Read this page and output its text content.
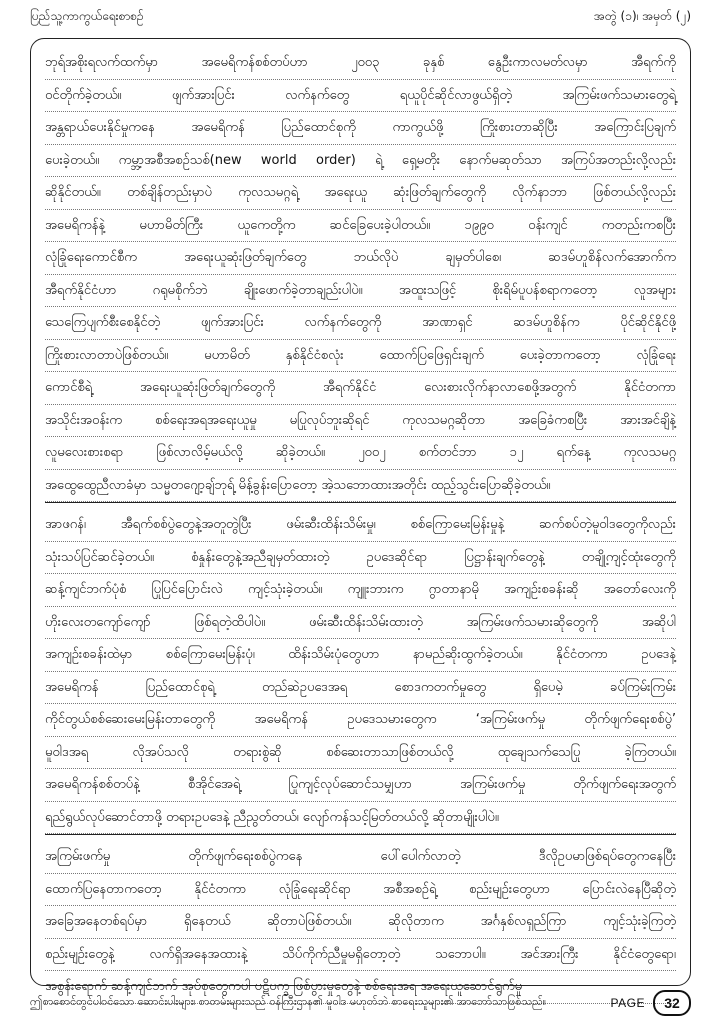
ပြည်သူ့ကာကွယ်ရေးစာစဥ်	အတွဲ (၁)၊ အမှတ် (၂)
ဘုရ်အစိုးရလက်ထက်မှာ အမေရိကန်စစ်တပ်ဟာ ၂၀၀၃ ခုနှစ် နွေဦးကာလမတ်လမှာ အီရက်ကို
ဝင်တိုက်ခဲ့တယ်။ ဖျက်အားပြင်း လက်နက်တွေ ရယူပိုင်ဆိုင်လာဖွယ်ရှိတဲ့ အကြမ်းဖက်သမားတွေရဲ့
အန္တရာယ်ပေးနိုင်မှုကနေ အမေရိကန် ပြည်ထောင်စုကို ကာကွယ်ဖို့ ကြိုးစားတာဆိုပြီး အကြောင်းပြချက်
ပေးခဲ့တယ်။ ကမ္ဘာ့အစီအစဥ်သစ်(new world order) ရဲ့ ရှေ့မတိုး နောက်မဆုတ်သာ အကြပ်အတည်းလို့လည်း
ဆိုနိုင်တယ်။ တစ်ချိန်တည်းမှာပဲ ကုလသမဂ္ဂရဲ့ အရေးယူ ဆုံးဖြတ်ချက်တွေကို လိုက်နာဘာ ဖြစ်တယ်လို့လည်း
အမေရိကန်နဲ့ မဟာမိတ်ကြီး ယူကေတို့က ဆင်ခြေပေးခဲ့ပါတယ်။ ၁၉၉၀ ဝန်းကျင် ကတည်းကစပြီး
လုံခြုံရေးကောင်စီက အရေးယူဆုံးဖြတ်ချက်တွေ ဘယ်လိုပဲ ချမှတ်ပါစေ၊ ဆဒမ်ဟူစိန်လက်အောက်က
အီရက်နိုင်ငံဟာ ဂရုမစိုက်ဘဲ ချိုးဖောက်ခဲ့တာချည်းပါပဲ။ အထူးသဖြင့် စိုးရိမ်ပူပန်စရာကတော့ လူအများ
သေကြေပျက်စီးစေနိုင်တဲ့ ဖျက်အားပြင်း လက်နက်တွေကို အာဏာရှင် ဆဒမ်ဟူစိန်က ပိုင်ဆိုင်နိုင်ဖို့
ကြိုးစားလာတာပဲဖြစ်တယ်။ မဟာမိတ် နှစ်နိုင်ငံစလုံး ထောက်ပြဖြေရှင်းချက် ပေးခဲ့တာကတော့ လုံခြုံရေး
ကောင်စီရဲ့ အရေးယူဆုံးဖြတ်ချက်တွေကို အီရက်နိုင်ငံ လေးစားလိုက်နာလာစေဖို့အတွက် နိုင်ငံတကာ
အသိုင်းအဝန်းက စစ်ရေးအရအရေးယူမှု မပြုလုပ်ဘူးဆိုရင် ကုလသမဂ္ဂဆိုတာ အခြေခံကစပြီး အားအင်ချိနဲ့
လူမလေးစားစရာ ဖြစ်လာလိမ့်မယ်လို့ ဆိုခဲ့တယ်။ ၂၀၀၂ စက်တင်ဘာ ၁၂ ရက်နေ့ ကုလသမဂ္ဂ
အထွေထွေညီလာခံမှာ သမ္မတဂျော့ချ်ဘုရ့် မိန့်ခွန်းပြောတော့ အဲ့သဘောထားအတိုင်း ထည့်သွင်းပြောဆိုခဲ့တယ်။
အာဖဂန်၊ အီရက်စစ်ပွဲတွေနဲ့အတူတွဲပြီး ဖမ်းဆီးထိန်းသိမ်းမှု၊ စစ်ကြောမေးမြန်းမှုနဲ့ ဆက်စပ်တဲ့မူဝါဒတွေကိုလည်း
သုံးသပ်ပြင်ဆင်ခဲ့တယ်။ စံနှုန်းတွေနဲ့အညီချမှတ်ထားတဲ့ ဥပဒေဆိုင်ရာ ပြဋ္ဌာန်းချက်တွေနဲ့ တချို့ကျင့်ထုံးတွေကို
ဆန့်ကျင်ဘက်ပုံစံ ပြုပြင်ပြောင်းလဲ ကျင့်သုံးခဲ့တယ်။ ကျူးဘားက ဂွာတာနာမို အကျဥ်းစခန်းဆို အတော်လေးကို
ဟိုးလေးတကျော်ကျော် ဖြစ်ရတဲ့ထိပါပဲ။ ဖမ်းဆီးထိန်းသိမ်းထားတဲ့ အကြမ်းဖက်သမားဆိုတွေကို အဆိုပါ
အကျဥ်းစခန်းထဲမှာ စစ်ကြောမေးမြန်းပုံ၊ ထိန်းသိမ်းပုံတွေဟာ နာမည်ဆိုးထွက်ခဲ့တယ်။ နိုင်ငံတကာ ဥပဒေနဲ့
အမေရိကန် ပြည်ထောင်စုရဲ့ တည်ဆဲဥပဒေအရ စောဒကတက်မှုတွေ ရှိပေမဲ့ ခပ်ကြမ်းကြမ်း
ကိုင်တွယ်စစ်ဆေးမေးမြန်းတာတွေကို အမေရိကန် ဥပဒေသမားတွေက ‘အကြမ်းဖက်မှု တိုက်ဖျက်ရေးစစ်ပွဲ’
မူဝါဒအရ လိုအပ်သလို တရားစွဲဆို စစ်ဆေးတာသာဖြစ်တယ်လို့ ထုချေသက်သေပြု ခဲ့ကြတယ်။
အမေရိကန်စစ်တပ်နဲ့ စီအိုင်အေရဲ့ ပြုကျင့်လုပ်ဆောင်သမျှဟာ အကြမ်းဖက်မှု တိုက်ဖျက်ရေးအတွက်
ရည်ရွယ်လုပ်ဆောင်တာဖို့ တရားဥပဒေနဲ့ ညီညွတ်တယ်၊ လျော်ကန်သင့်မြတ်တယ်လို့ ဆိုတာမျိုးပါပဲ။
အကြမ်းဖက်မှု တိုက်ဖျက်ရေးစစ်ပွဲကနေ ပေါ်ပေါက်လာတဲ့ ဒီလိုဥပမာဖြစ်ရပ်တွေကနေပြီး
ထောက်ပြနေတာကတော့ နိုင်ငံတကာ လုံခြုံရေးဆိုင်ရာ အစီအစဥ်ရဲ့ စည်းမျဥ်းတွေဟာ ပြောင်းလဲနေပြီဆိုတဲ့
အခြေအနေတစ်ရပ်မှာ ရှိနေတယ် ဆိုတာပဲဖြစ်တယ်။ ဆိုလိုတာက အင်္ဂနှစ်လရှည်ကြာ ကျင့်သုံးခဲ့ကြတဲ့
စည်းမျဥ်းတွေနဲ့ လက်ရှိအနေအထားနဲ့ သိပ်ကိုက်ညီမှုမရှိတော့တဲ့ သဘောပါ။ အင်အားကြီး နိုင်ငံတွေရော၊
အစွန်းရောက် ဆန့်ကျင်ဘက် အုပ်စုတွေကပါ ပဋိပက္ခ ဖြစ်ပွားမှုတွေနဲ့ စစ်ရေးအရ အရေးယူဆောင်ရွက်မှု
ဤစာစောင်တွင်ပါဝင်သော ဆောင်းပါးများ၊ စာတမ်းများသည် ဝန်ကြီးဌာန၏ မူဝါဒ မဟုတ်ဘဲ စာရေးသူများ၏ အာဘော်သာဖြစ်သည်။	PAGE	32
